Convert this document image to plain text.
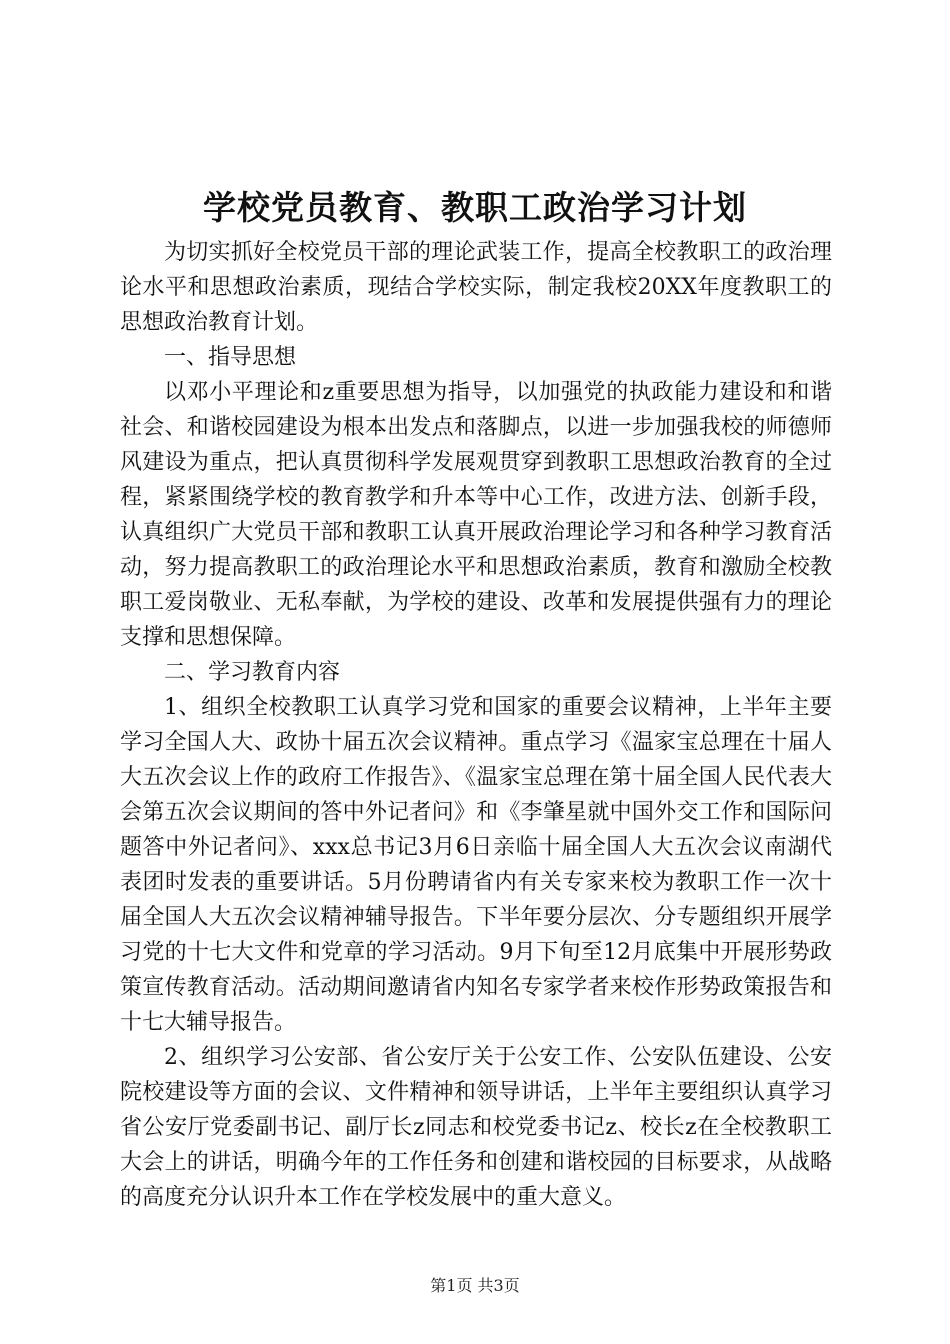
学校党员教育、教职工政治学习计划

为切实抓好全校党员干部的理论武装工作，提高全校教职工的政治理论水平和思想政治素质，现结合学校实际，制定我校20XX年度教职工的思想政治教育计划。

一、指导思想

以邓小平理论和z重要思想为指导，以加强党的执政能力建设和和谐社会、和谐校园建设为根本出发点和落脚点，以进一步加强我校的师德师风建设为重点，把认真贯彻科学发展观贯穿到教职工思想政治教育的全过程，紧紧围绕学校的教育教学和升本等中心工作，改进方法、创新手段，认真组织广大党员干部和教职工认真开展政治理论学习和各种学习教育活动，努力提高教职工的政治理论水平和思想政治素质，教育和激励全校教职工爱岗敬业、无私奉献，为学校的建设、改革和发展提供强有力的理论支撑和思想保障。

二、学习教育内容

1、组织全校教职工认真学习党和国家的重要会议精神，上半年主要学习全国人大、政协十届五次会议精神。重点学习《温家宝总理在十届人大五次会议上作的政府工作报告》、《温家宝总理在第十届全国人民代表大会第五次会议期间的答中外记者问》和《李肇星就中国外交工作和国际问题答中外记者问》、xxx总书记3月6日亲临十届全国人大五次会议南湖代表团时发表的重要讲话。5月份聘请省内有关专家来校为教职工作一次十届全国人大五次会议精神辅导报告。下半年要分层次、分专题组织开展学习党的十七大文件和党章的学习活动。9月下旬至12月底集中开展形势政策宣传教育活动。活动期间邀请省内知名专家学者来校作形势政策报告和十七大辅导报告。

2、组织学习公安部、省公安厅关于公安工作、公安队伍建设、公安院校建设等方面的会议、文件精神和领导讲话，上半年主要组织认真学习省公安厅党委副书记、副厅长z同志和校党委书记z、校长z在全校教职工大会上的讲话，明确今年的工作任务和创建和谐校园的目标要求，从战略的高度充分认识升本工作在学校发展中的重大意义。

第1页 共3页
